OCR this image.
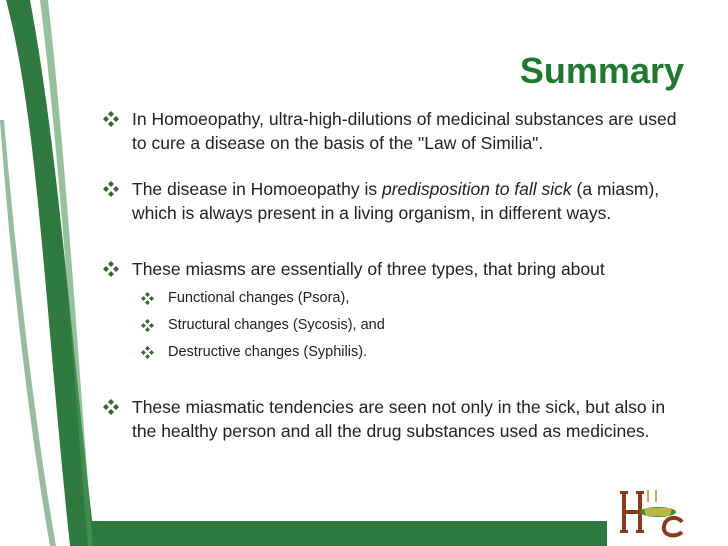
Summary

In Homoeopathy, ultra-high-dilutions of medicinal substances are used to cure a disease on the basis of the "Law of Similia".

The disease in Homoeopathy is predisposition to fall sick (a miasm), which is always present in a living organism, in different ways.

These miasms are essentially of three types, that bring about

Functional changes (Psora),

Structural changes (Sycosis), and

Destructive changes (Syphilis).

These miasmatic tendencies are seen not only in the sick, but also in the healthy person and all the drug substances used as medicines.
